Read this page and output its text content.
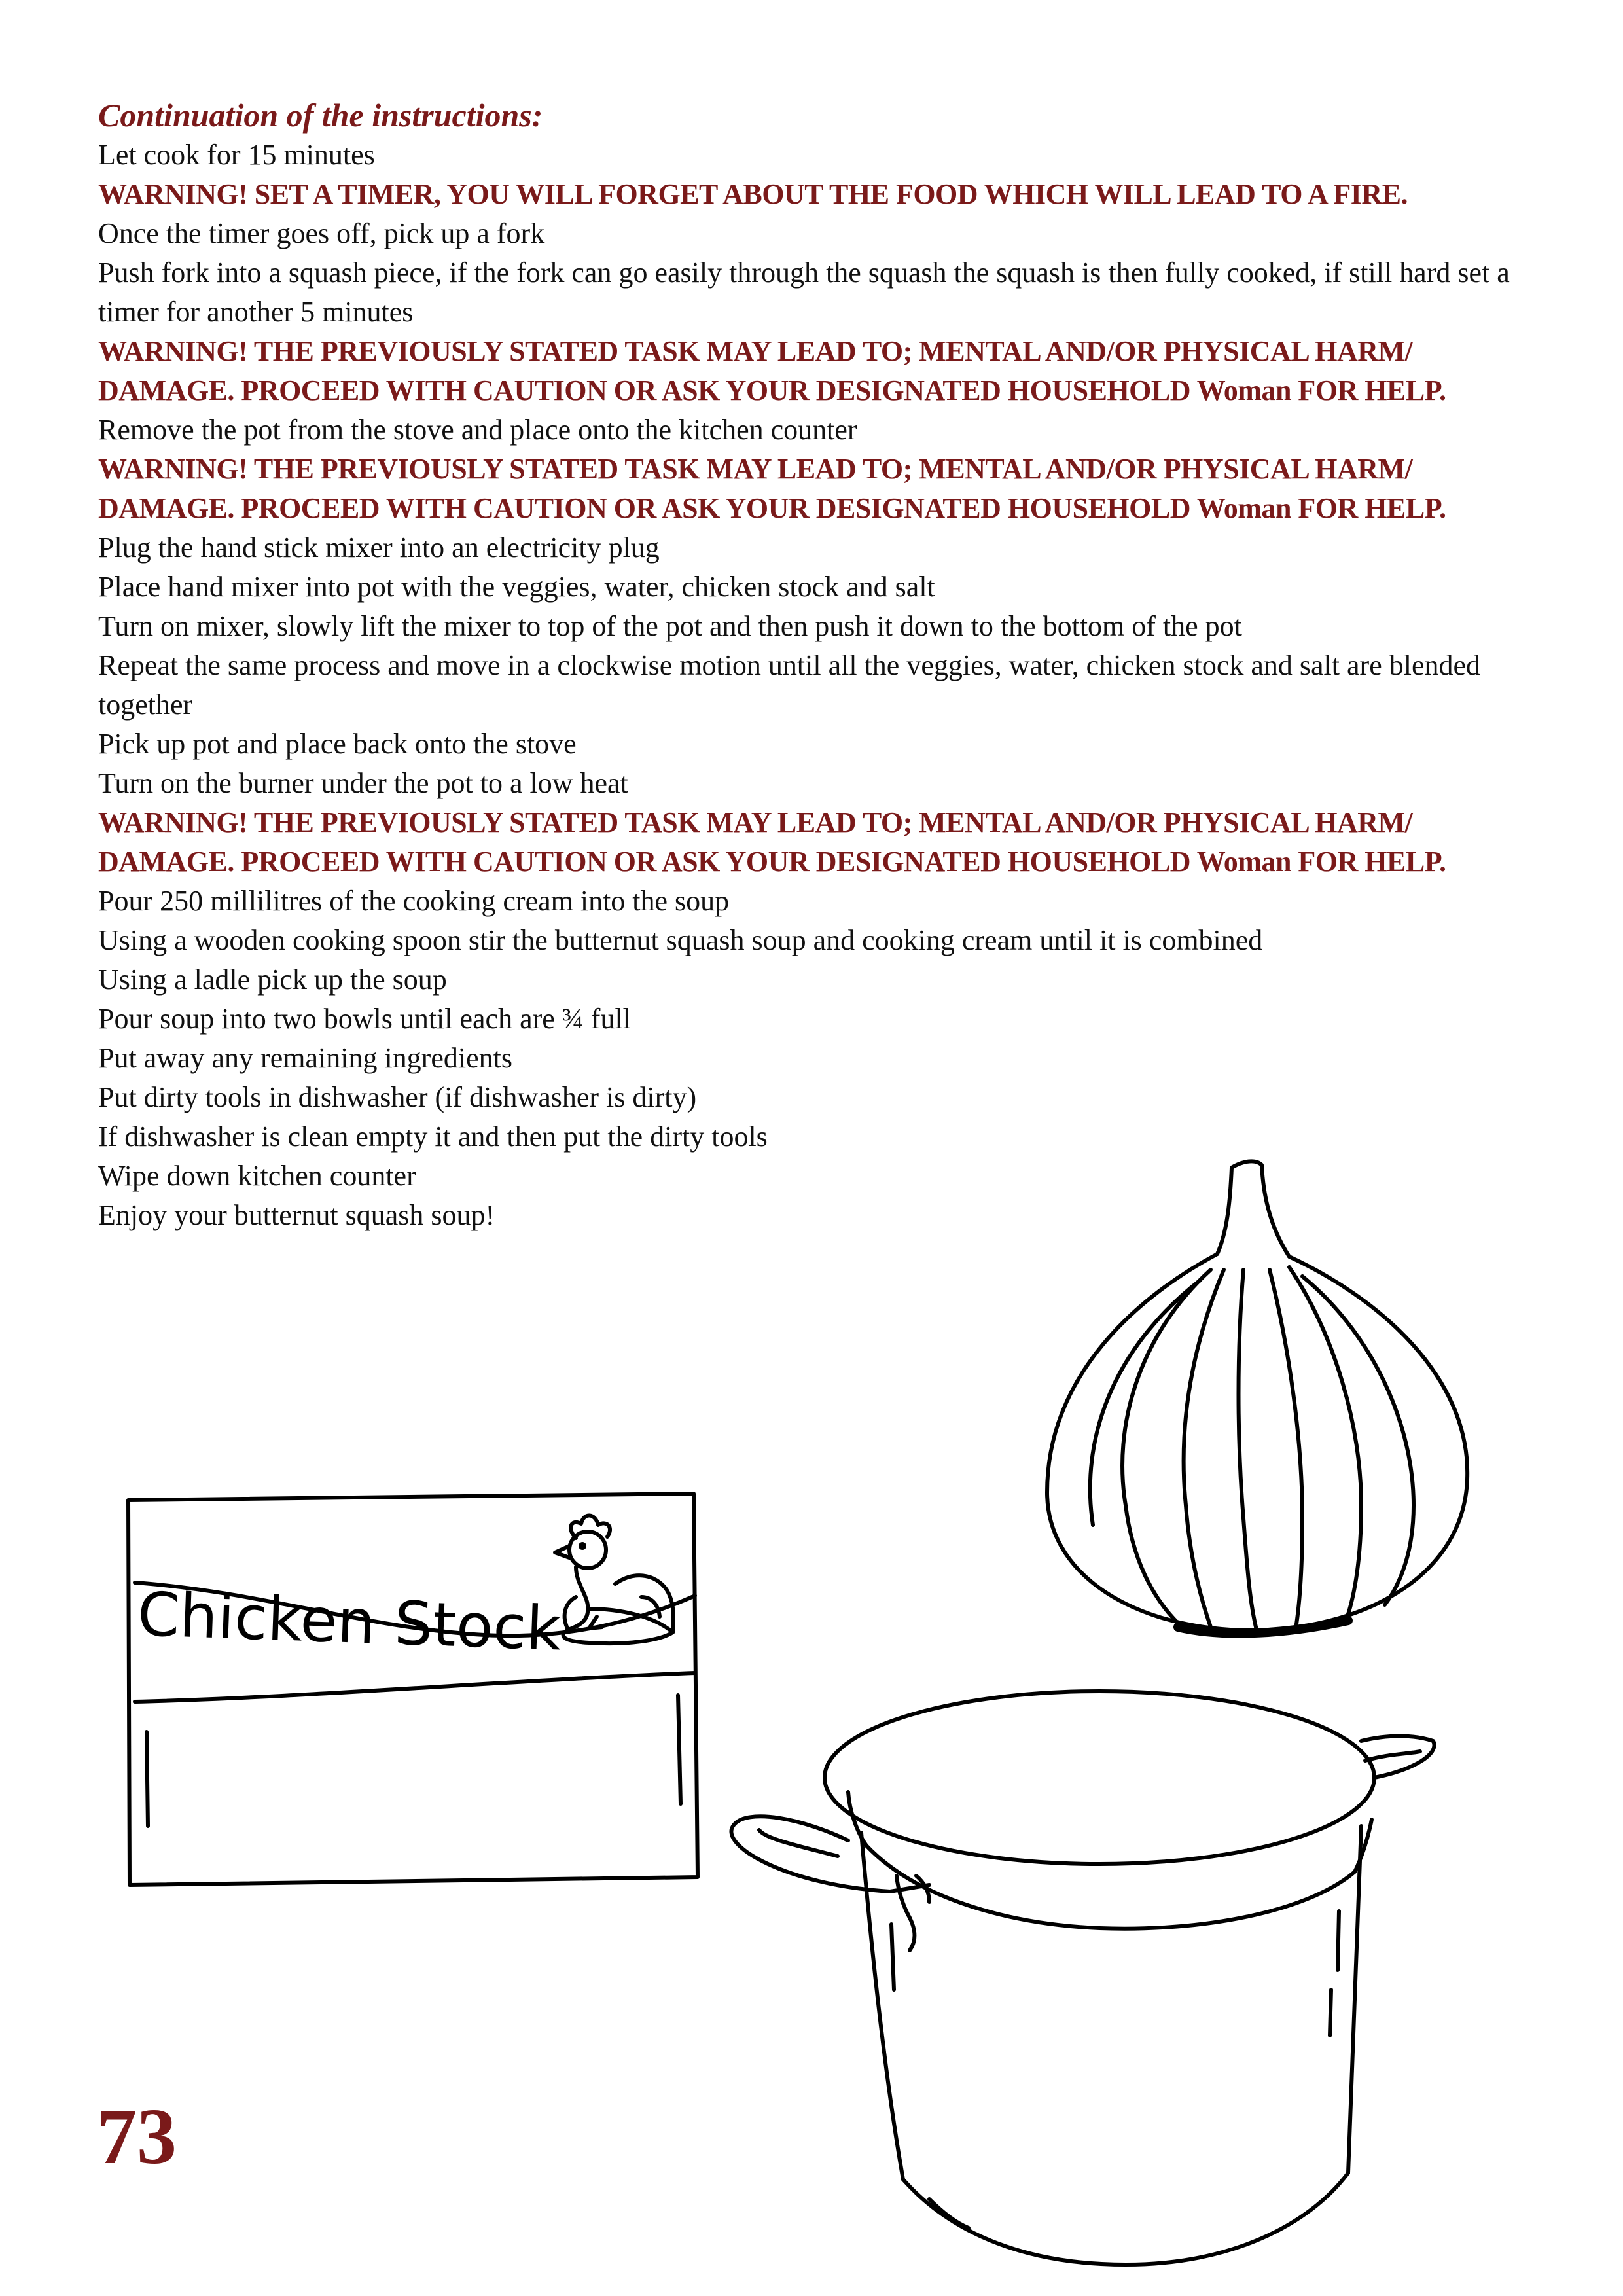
Continuation of the instructions:

Let cook for 15 minutes

WARNING! SET A TIMER, YOU WILL FORGET ABOUT THE FOOD WHICH WILL LEAD TO A FIRE.

Once the timer goes off, pick up a fork

Push fork into a squash piece, if the fork can go easily through the squash the squash is then fully cooked, if still hard set a timer for another 5 minutes

WARNING! THE PREVIOUSLY STATED TASK MAY LEAD TO; MENTAL AND/OR PHYSICAL HARM/ DAMAGE. PROCEED WITH CAUTION OR ASK YOUR DESIGNATED HOUSEHOLD Woman FOR HELP.

Remove the pot from the stove and place onto the kitchen counter

WARNING! THE PREVIOUSLY STATED TASK MAY LEAD TO; MENTAL AND/OR PHYSICAL HARM/ DAMAGE. PROCEED WITH CAUTION OR ASK YOUR DESIGNATED HOUSEHOLD Woman FOR HELP.

Plug the hand stick mixer into an electricity plug

Place hand mixer into pot with the veggies, water, chicken stock and salt

Turn on mixer, slowly lift the mixer to top of the pot and then push it down to the bottom of the pot

Repeat the same process and move in a clockwise motion until all the veggies, water, chicken stock and salt are blended together

Pick up pot and place back onto the stove

Turn on the burner under the pot to a low heat

WARNING! THE PREVIOUSLY STATED TASK MAY LEAD TO; MENTAL AND/OR PHYSICAL HARM/ DAMAGE. PROCEED WITH CAUTION OR ASK YOUR DESIGNATED HOUSEHOLD Woman FOR HELP.

Pour 250 millilitres of the cooking cream into the soup

Using a wooden cooking spoon stir the butternut squash soup and cooking cream until it is combined

Using a ladle pick up the soup

Pour soup into two bowls until each are ¾ full

Put away any remaining ingredients

Put dirty tools in dishwasher (if dishwasher is dirty)

If dishwasher is clean empty it and then put the dirty tools

Wipe down kitchen counter

Enjoy your butternut squash soup!

Chicken Stock
73
